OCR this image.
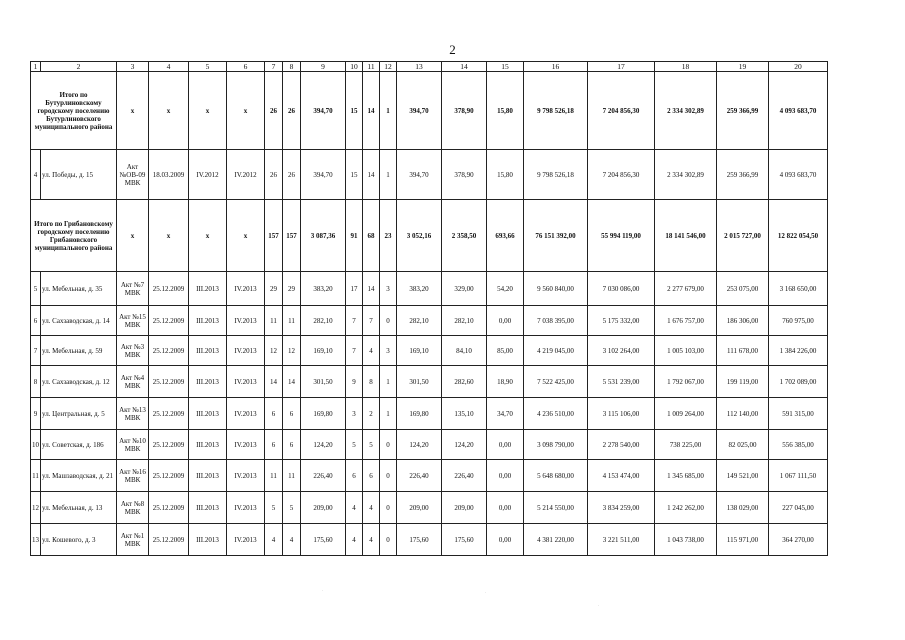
2
1	2	3	4	5	6	7	8	9	10	11	12	13	14	15	16	17	18	19	20
Итого по Бутурлиновскому городскому поселению Бутурлиновского муниципального района		x	x	x	x	26	26	394,70	15	14	1	394,70	378,90	15,80	9 798 526,18	7 204 856,30	2 334 302,89	259 366,99	4 093 683,70
4	ул. Победы, д. 15	Акт №ОВ-09 МВК	18.03.2009	IV.2012	IV.2012	26	26	394,70	15	14	1	394,70	378,90	15,80	9 798 526,18	7 204 856,30	2 334 302,89	259 366,99	4 093 683,70
Итого по Грибановскому городскому поселению Грибановского муниципального района		x	x	x	x	157	157	3 087,36	91	68	23	3 052,16	2 358,50	693,66	76 151 392,00	55 994 119,00	18 141 546,00	2 015 727,00	12 822 054,50
5	ул. Мебельная, д. 35	Акт №7 МВК	25.12.2009	III.2013	IV.2013	29	29	383,20	17	14	3	383,20	329,00	54,20	9 560 840,00	7 030 086,00	2 277 679,00	253 075,00	3 168 650,00
6	ул. Сахзаводская, д. 14	Акт №15 МВК	25.12.2009	III.2013	IV.2013	11	11	282,10	7	7	0	282,10	282,10	0,00	7 038 395,00	5 175 332,00	1 676 757,00	186 306,00	760 975,00
7	ул. Мебельная, д. 59	Акт №3 МВК	25.12.2009	III.2013	IV.2013	12	12	169,10	7	4	3	169,10	84,10	85,00	4 219 045,00	3 102 264,00	1 005 103,00	111 678,00	1 384 226,00
8	ул. Сахзаводская, д. 12	Акт №4 МВК	25.12.2009	III.2013	IV.2013	14	14	301,50	9	8	1	301,50	282,60	18,90	7 522 425,00	5 531 239,00	1 792 067,00	199 119,00	1 702 089,00
9	ул. Центральная, д. 5	Акт №13 МВК	25.12.2009	III.2013	IV.2013	6	6	169,80	3	2	1	169,80	135,10	34,70	4 236 510,00	3 115 106,00	1 009 264,00	112 140,00	591 315,00
10	ул. Советская, д. 186	Акт №10 МВК	25.12.2009	III.2013	IV.2013	6	6	124,20	5	5	0	124,20	124,20	0,00	3 098 790,00	2 278 540,00	738 225,00	82 025,00	556 385,00
11	ул. Машзаводская, д. 21	Акт №16 МВК	25.12.2009	III.2013	IV.2013	11	11	226,40	6	6	0	226,40	226,40	0,00	5 648 680,00	4 153 474,00	1 345 685,00	149 521,00	1 067 111,50
12	ул. Мебельная, д. 13	Акт №8 МВК	25.12.2009	III.2013	IV.2013	5	5	209,00	4	4	0	209,00	209,00	0,00	5 214 550,00	3 834 259,00	1 242 262,00	138 029,00	227 045,00
13	ул. Кошевого, д. 3	Акт №1 МВК	25.12.2009	III.2013	IV.2013	4	4	175,60	4	4	0	175,60	175,60	0,00	4 381 220,00	3 221 511,00	1 043 738,00	115 971,00	364 270,00
·	·
·
